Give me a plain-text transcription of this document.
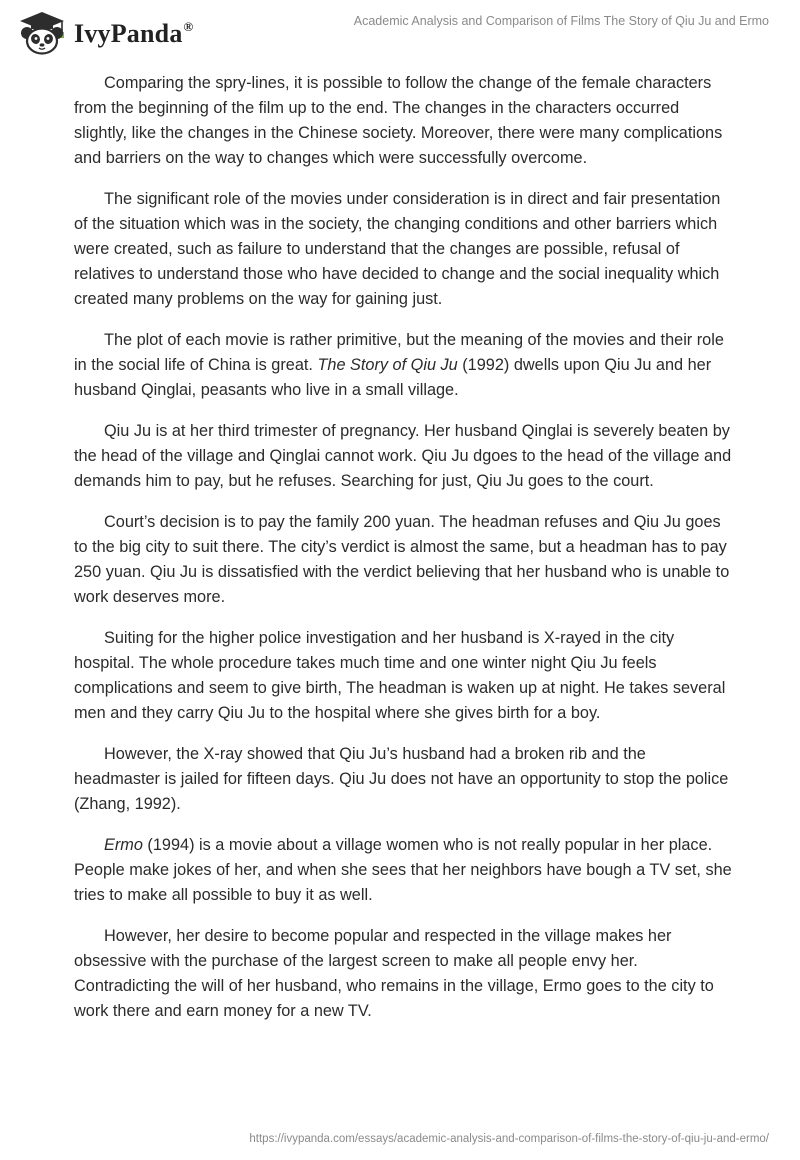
IvyPanda®	Academic Analysis and Comparison of Films The Story of Qiu Ju and Ermo

Comparing the spry-lines, it is possible to follow the change of the female characters from the beginning of the film up to the end. The changes in the characters occurred slightly, like the changes in the Chinese society. Moreover, there were many complications and barriers on the way to changes which were successfully overcome.

The significant role of the movies under consideration is in direct and fair presentation of the situation which was in the society, the changing conditions and other barriers which were created, such as failure to understand that the changes are possible, refusal of relatives to understand those who have decided to change and the social inequality which created many problems on the way for gaining just.

The plot of each movie is rather primitive, but the meaning of the movies and their role in the social life of China is great. The Story of Qiu Ju (1992) dwells upon Qiu Ju and her husband Qinglai, peasants who live in a small village.

Qiu Ju is at her third trimester of pregnancy. Her husband Qinglai is severely beaten by the head of the village and Qinglai cannot work. Qiu Ju dgoes to the head of the village and demands him to pay, but he refuses. Searching for just, Qiu Ju goes to the court.

Court’s decision is to pay the family 200 yuan. The headman refuses and Qiu Ju goes to the big city to suit there. The city’s verdict is almost the same, but a headman has to pay 250 yuan. Qiu Ju is dissatisfied with the verdict believing that her husband who is unable to work deserves more.

Suiting for the higher police investigation and her husband is X-rayed in the city hospital. The whole procedure takes much time and one winter night Qiu Ju feels complications and seem to give birth, The headman is waken up at night. He takes several men and they carry Qiu Ju to the hospital where she gives birth for a boy.

However, the X-ray showed that Qiu Ju’s husband had a broken rib and the headmaster is jailed for fifteen days. Qiu Ju does not have an opportunity to stop the police (Zhang, 1992).

Ermo (1994) is a movie about a village women who is not really popular in her place. People make jokes of her, and when she sees that her neighbors have bough a TV set, she tries to make all possible to buy it as well.

However, her desire to become popular and respected in the village makes her obsessive with the purchase of the largest screen to make all people envy her. Contradicting the will of her husband, who remains in the village, Ermo goes to the city to work there and earn money for a new TV.

https://ivypanda.com/essays/academic-analysis-and-comparison-of-films-the-story-of-qiu-ju-and-ermo/
